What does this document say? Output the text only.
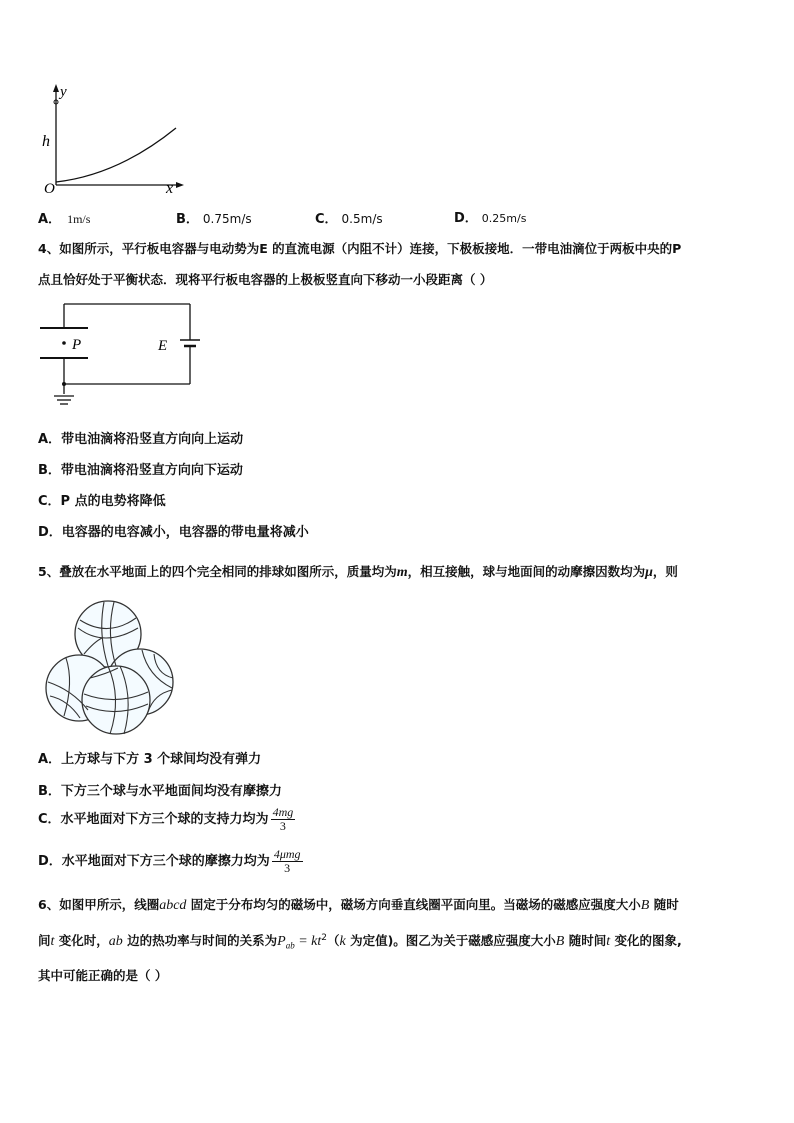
y
h
O	x
A． 1m/s	B． 0.75m/s	C． 0.5m/s	D． 0.25m/s
4、如图所示，平行板电容器与电动势为E 的直流电源（内阻不计）连接，下极板接地．一带电油滴位于两板中央的P
点且恰好处于平衡状态．现将平行板电容器的上极板竖直向下移动一小段距离（ ）
P	E
A．带电油滴将沿竖直方向向上运动
B．带电油滴将沿竖直方向向下运动
C．P 点的电势将降低
D．电容器的电容减小，电容器的带电量将减小
5、叠放在水平地面上的四个完全相同的排球如图所示，质量均为m，相互接触，球与地面间的动摩擦因数均为μ，则
A．上方球与下方 3 个球间均没有弹力
B．下方三个球与水平地面间均没有摩擦力
C．水平地面对下方三个球的支持力均为 $\frac{4mg}{3}$
D．水平地面对下方三个球的摩擦力均为 $\frac{\text{4μmg}}{3}$
6、如图甲所示，线圈abcd 固定于分布均匀的磁场中，磁场方向垂直线圈平面向里。当磁场的磁感应强度大小B 随时
间t 变化时，ab 边的热功率与时间的关系为$P_{ab} = kt^2(k$ 为定值)。图乙为关于磁感应强度大小B 随时间t 变化的图象,
其中可能正确的是（ ）
